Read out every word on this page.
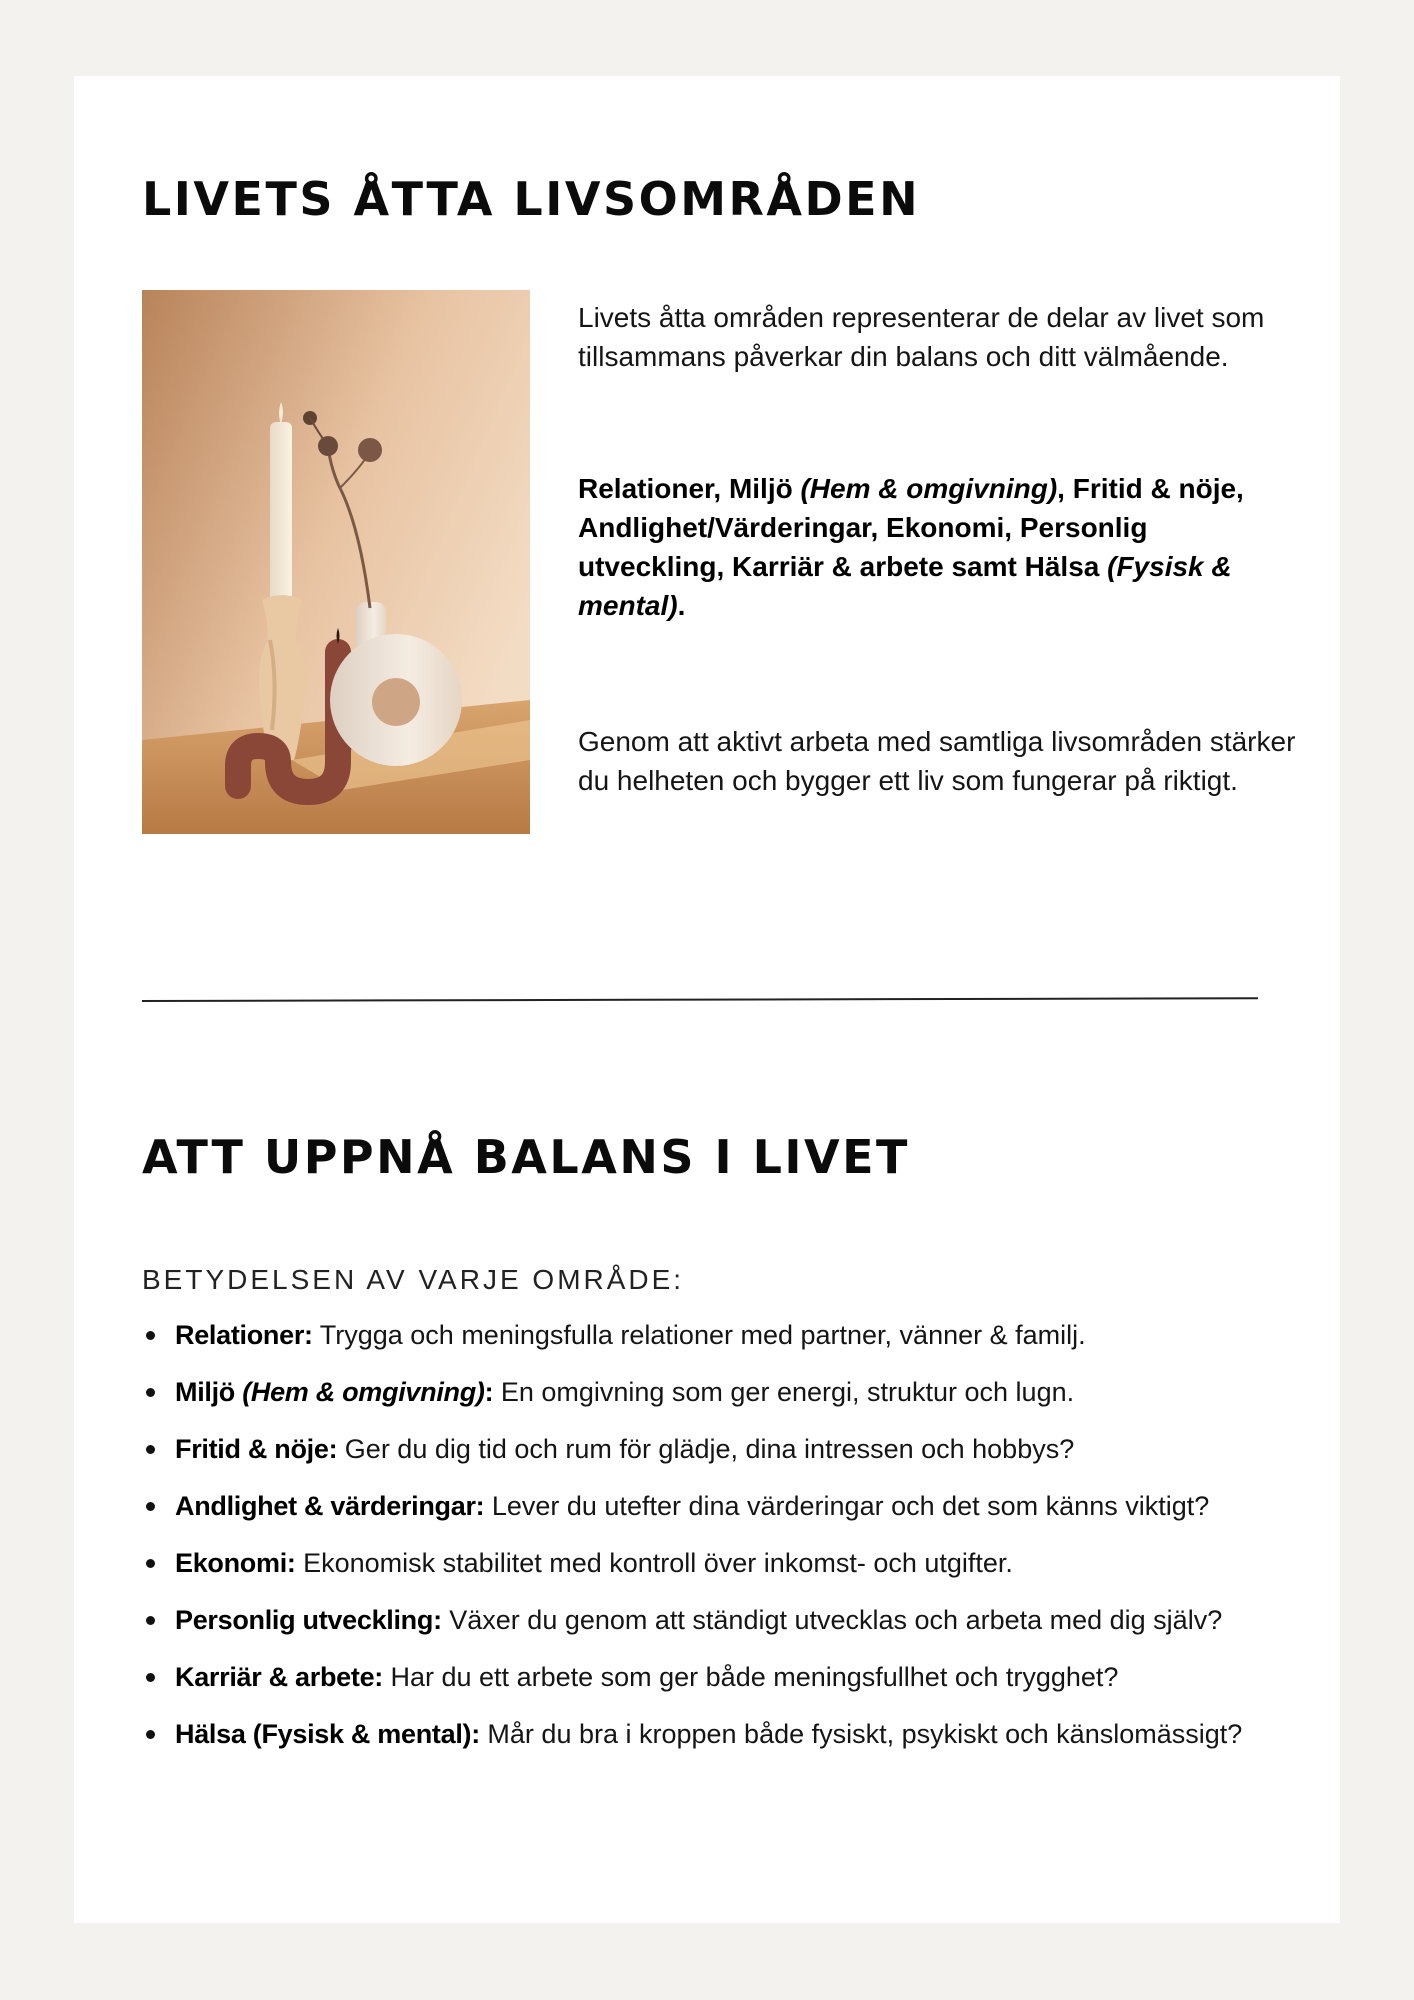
LIVETS ÅTTA LIVSOMRÅDEN
Livets åtta områden representerar de delar av livet som tillsammans påverkar din balans och ditt välmående.
Relationer, Miljö (Hem & omgivning), Fritid & nöje, Andlighet/Värderingar, Ekonomi, Personlig utveckling, Karriär & arbete samt Hälsa (Fysisk & mental).
Genom att aktivt arbeta med samtliga livsområden stärker du helheten och bygger ett liv som fungerar på riktigt.
ATT UPPNÅ BALANS I LIVET
BETYDELSEN AV VARJE OMRÅDE:
Relationer: Trygga och meningsfulla relationer med partner, vänner & familj.
Miljö (Hem & omgivning): En omgivning som ger energi, struktur och lugn.
Fritid & nöje: Ger du dig tid och rum för glädje, dina intressen och hobbys?
Andlighet & värderingar: Lever du utefter dina värderingar och det som känns viktigt?
Ekonomi: Ekonomisk stabilitet med kontroll över inkomst- och utgifter.
Personlig utveckling: Växer du genom att ständigt utvecklas och arbeta med dig själv?
Karriär & arbete: Har du ett arbete som ger både meningsfullhet och trygghet?
Hälsa (Fysisk & mental): Mår du bra i kroppen både fysiskt, psykiskt och känslomässigt?
